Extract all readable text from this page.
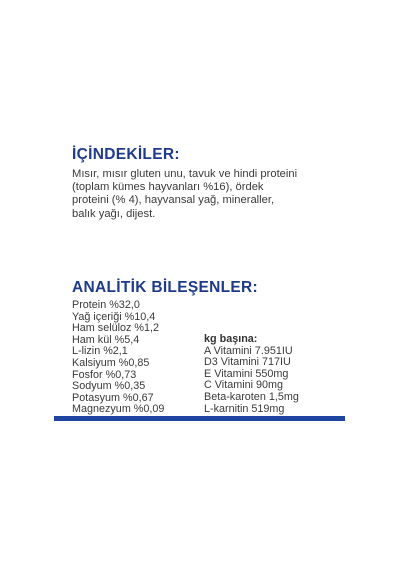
İÇİNDEKİLER:

Mısır, mısır gluten unu, tavuk ve hindi proteini
(toplam kümes hayvanları %16), ördek
proteini (% 4), hayvansal yağ, mineraller,
balık yağı, dijest.

ANALİTİK BİLEŞENLER:
Protein %32,0
Yağ içeriği %10,4
Ham selüloz %1,2
Ham kül %5,4
L-lizin %2,1
Kalsiyum %0,85
Fosfor %0,73
Sodyum %0,35
Potasyum %0,67
Magnezyum %0,09
kg başına:
A Vitamini 7.951IU
D3 Vitamini 717IU
E Vitamini 550mg
C Vitamini 90mg
Beta-karoten 1,5mg
L-karnitin 519mg
